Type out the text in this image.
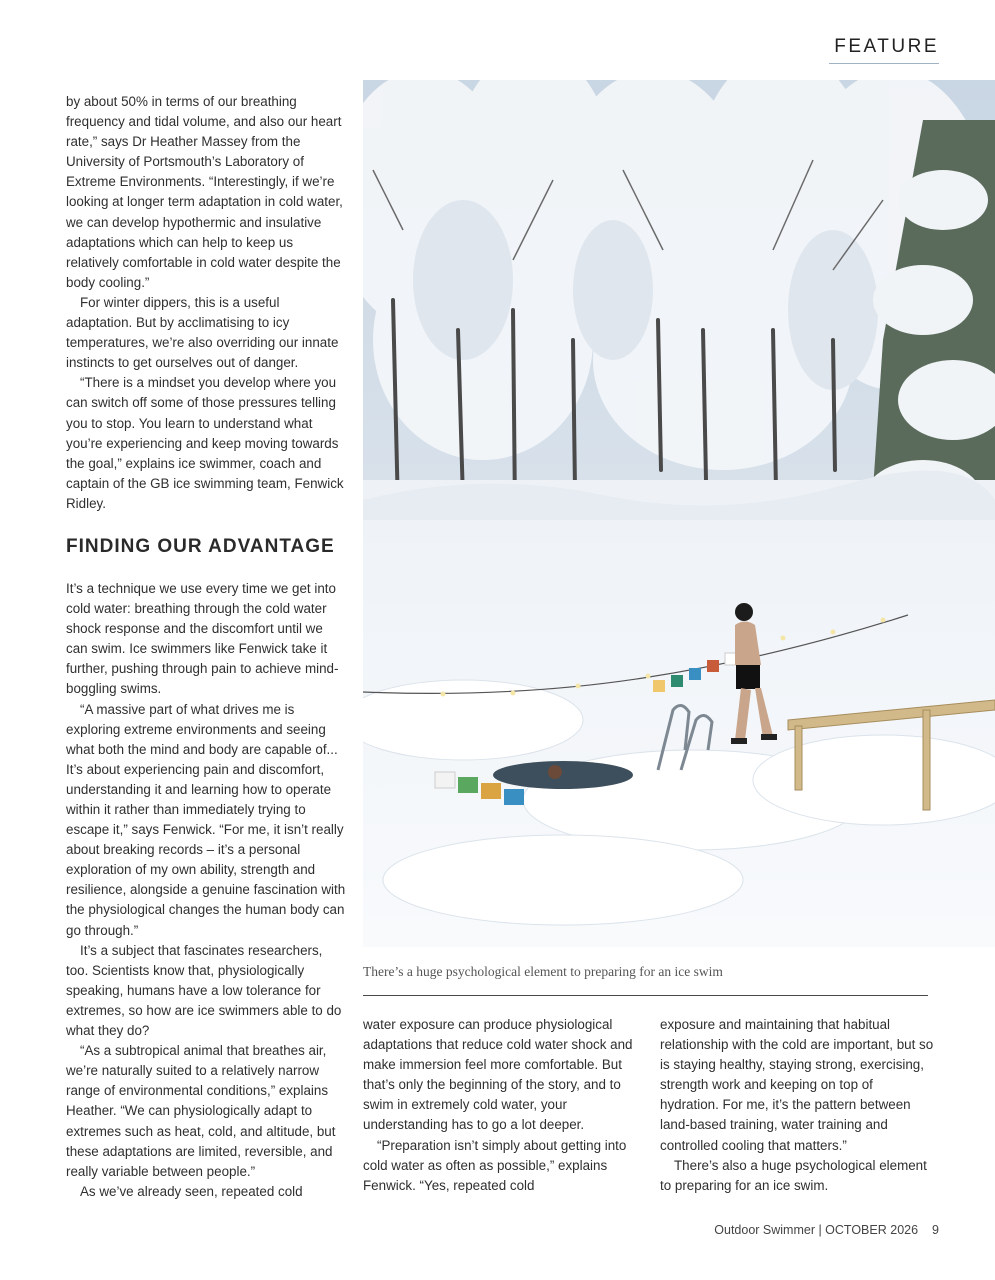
FEATURE

by about 50% in terms of our breathing frequency and tidal volume, and also our heart rate,” says Dr Heather Massey from the University of Portsmouth’s Laboratory of Extreme Environments. “Interestingly, if we’re looking at longer term adaptation in cold water, we can develop hypothermic and insulative adaptations which can help to keep us relatively comfortable in cold water despite the body cooling.”

For winter dippers, this is a useful adaptation. But by acclimatising to icy temperatures, we’re also overriding our innate instincts to get ourselves out of danger.

“There is a mindset you develop where you can switch off some of those pressures telling you to stop. You learn to understand what you’re experiencing and keep moving towards the goal,” explains ice swimmer, coach and captain of the GB ice swimming team, Fenwick Ridley.

FINDING OUR ADVANTAGE

It’s a technique we use every time we get into cold water: breathing through the cold water shock response and the discomfort until we can swim. Ice swimmers like Fenwick take it further, pushing through pain to achieve mind-boggling swims.

“A massive part of what drives me is exploring extreme environments and seeing what both the mind and body are capable of... It’s about experiencing pain and discomfort, understanding it and learning how to operate within it rather than immediately trying to escape it,” says Fenwick. “For me, it isn’t really about breaking records – it’s a personal exploration of my own ability, strength and resilience, alongside a genuine fascination with the physiological changes the human body can go through.”

It’s a subject that fascinates researchers, too. Scientists know that, physiologically speaking, humans have a low tolerance for extremes, so how are ice swimmers able to do what they do?

“As a subtropical animal that breathes air, we’re naturally suited to a relatively narrow range of environmental conditions,” explains Heather. “We can physiologically adapt to extremes such as heat, cold, and altitude, but these adaptations are limited, reversible, and really variable between people.”

As we’ve already seen, repeated cold

There’s a huge psychological element to preparing for an ice swim

water exposure can produce physiological adaptations that reduce cold water shock and make immersion feel more comfortable. But that’s only the beginning of the story, and to swim in extremely cold water, your understanding has to go a lot deeper.

“Preparation isn’t simply about getting into cold water as often as possible,” explains Fenwick. “Yes, repeated cold

exposure and maintaining that habitual relationship with the cold are important, but so is staying healthy, staying strong, exercising, strength work and keeping on top of hydration. For me, it’s the pattern between land-based training, water training and controlled cooling that matters.”

There’s also a huge psychological element to preparing for an ice swim.

Outdoor Swimmer | OCTOBER 2026 9
